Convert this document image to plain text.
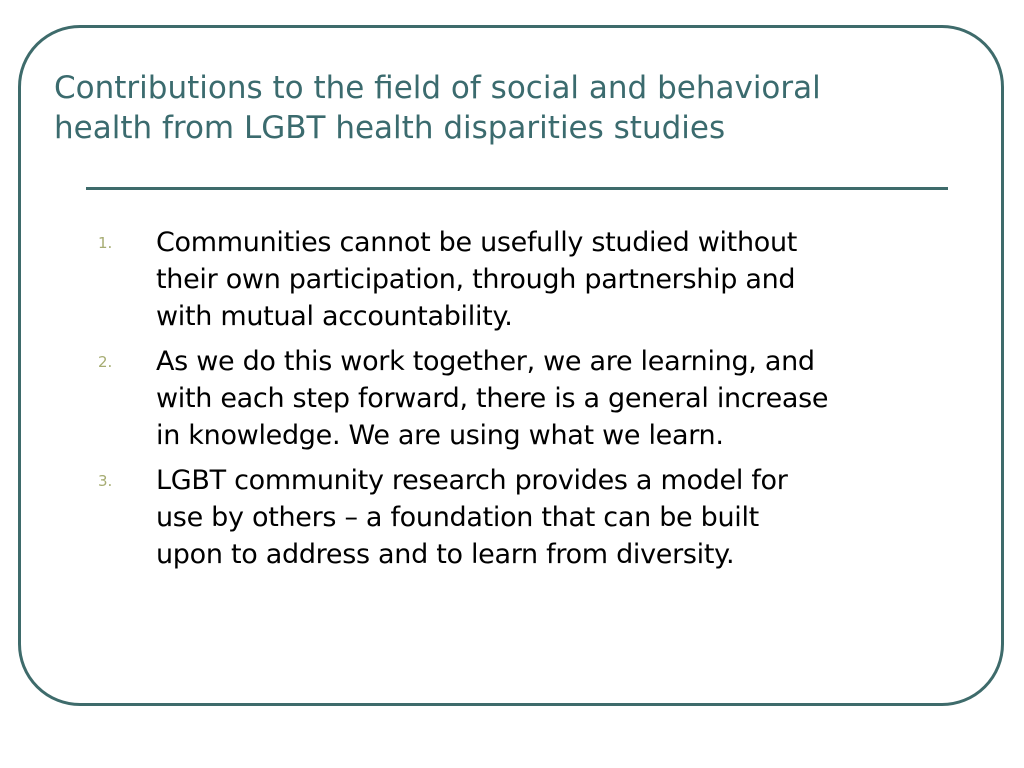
Contributions to the field of social and behavioral
health from LGBT health disparities studies
1. Communities cannot be usefully studied without
their own participation, through partnership and
with mutual accountability.
2. As we do this work together, we are learning, and
with each step forward, there is a general increase
in knowledge. We are using what we learn.
3. LGBT community research provides a model for
use by others – a foundation that can be built
upon to address and to learn from diversity.
